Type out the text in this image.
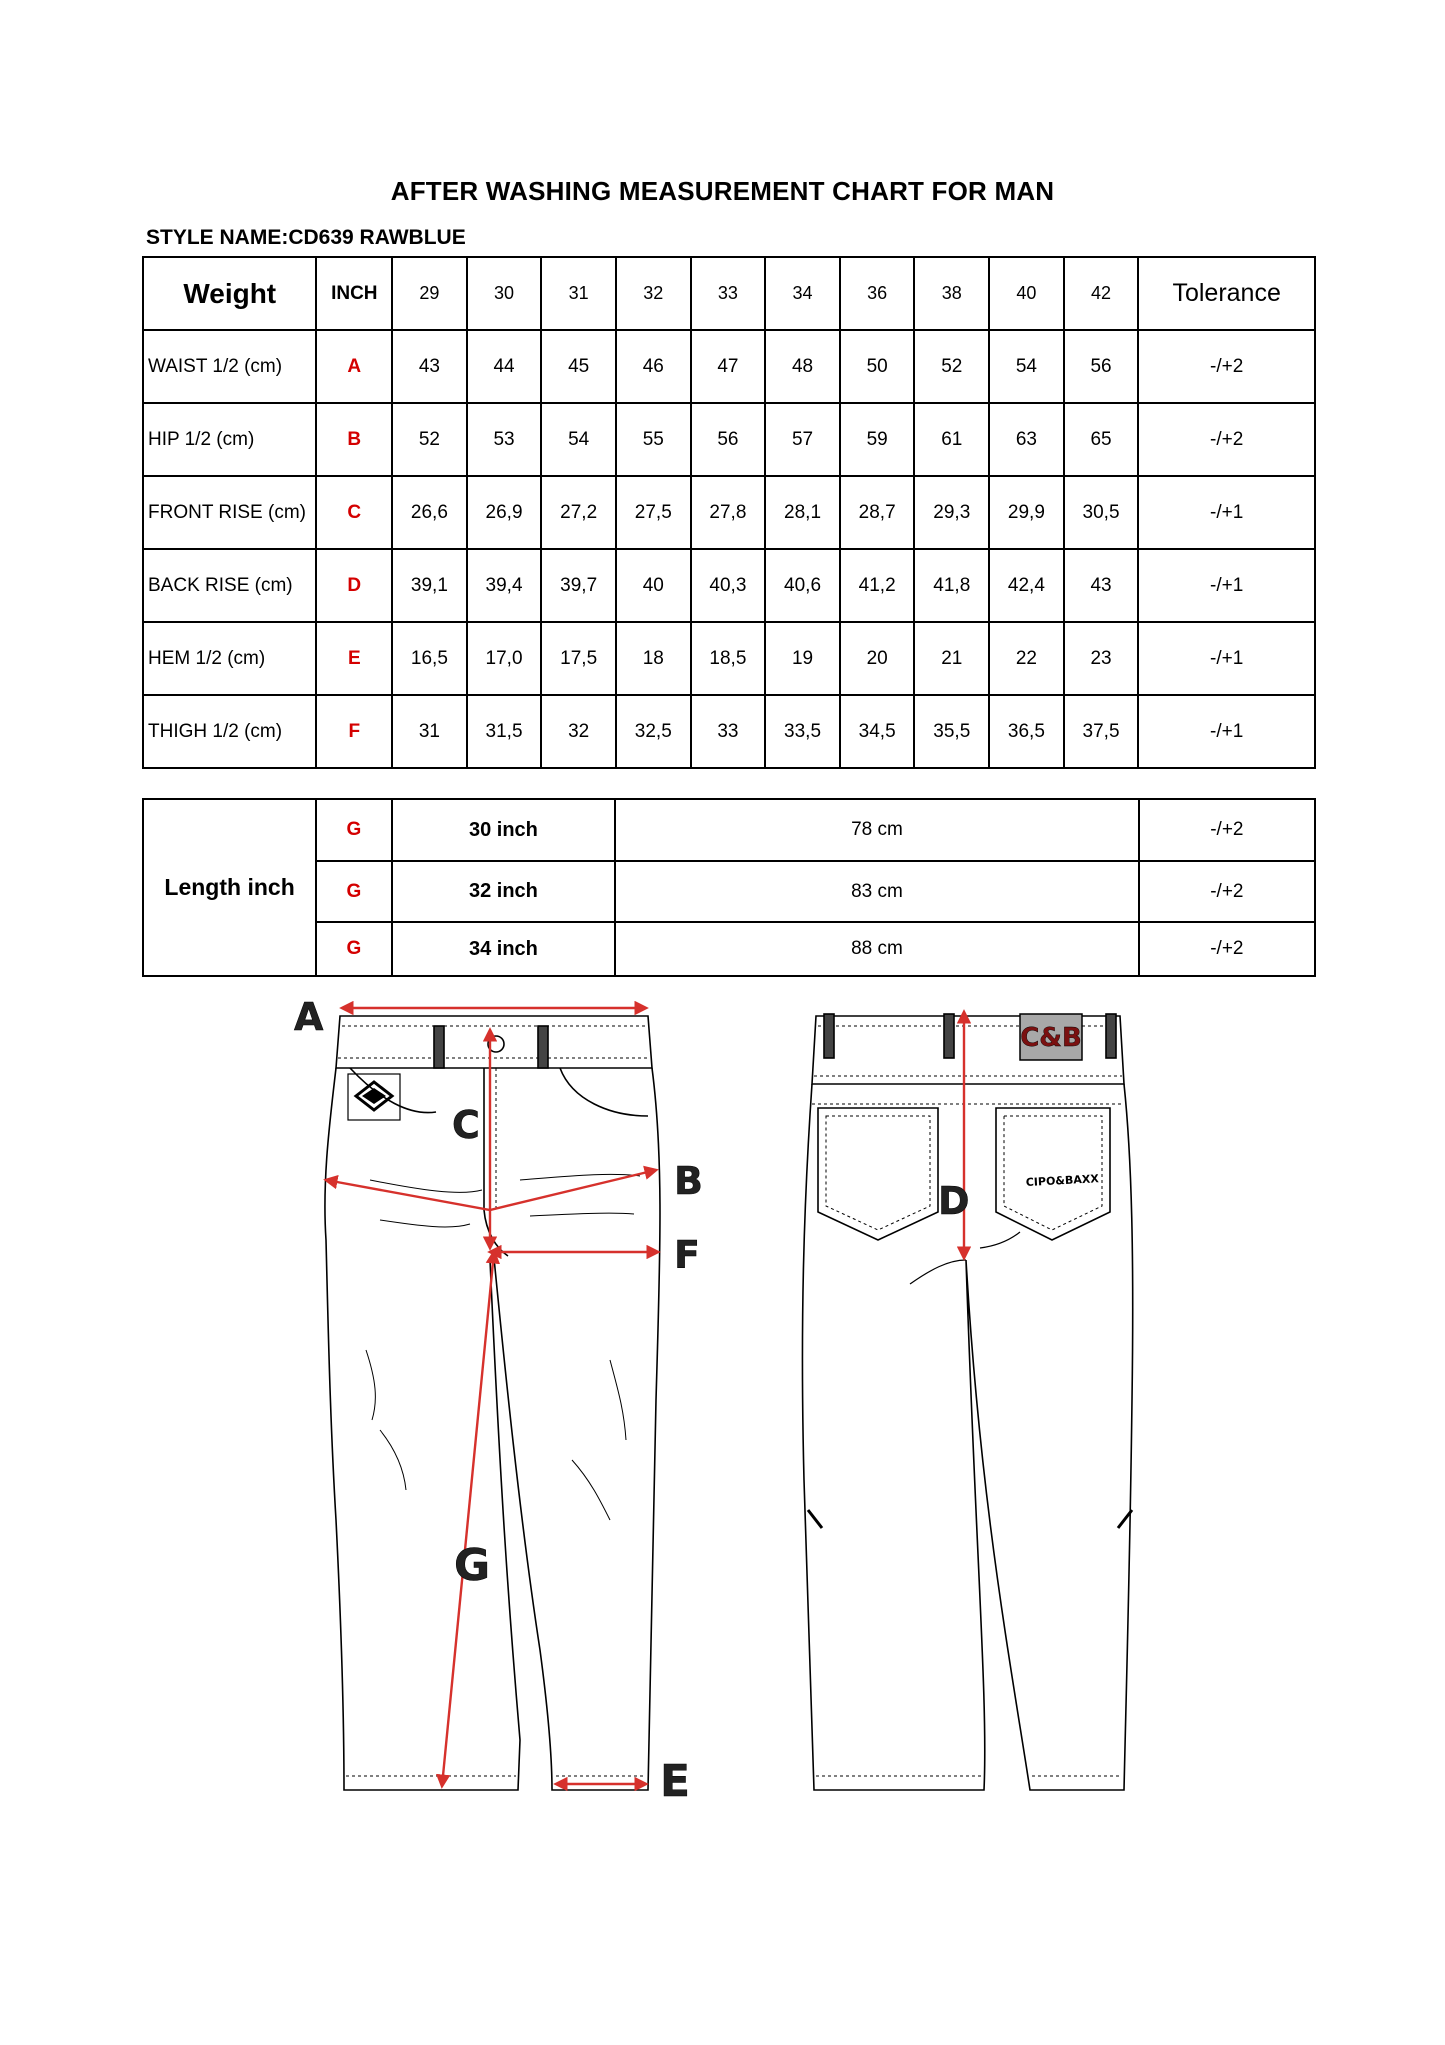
AFTER WASHING MEASUREMENT CHART FOR MAN
STYLE NAME:CD639 RAWBLUE
Weight	INCH	29	30	31	32	33	34	36	38	40	42	Tolerance
WAIST 1/2 (cm)	A	43	44	45	46	47	48	50	52	54	56	-/+2
HIP 1/2 (cm)	B	52	53	54	55	56	57	59	61	63	65	-/+2
FRONT RISE (cm)	C	26,6	26,9	27,2	27,5	27,8	28,1	28,7	29,3	29,9	30,5	-/+1
BACK RISE (cm)	D	39,1	39,4	39,7	40	40,3	40,6	41,2	41,8	42,4	43	-/+1
HEM 1/2 (cm)	E	16,5	17,0	17,5	18	18,5	19	20	21	22	23	-/+1
THIGH 1/2 (cm)	F	31	31,5	32	32,5	33	33,5	34,5	35,5	36,5	37,5	-/+1
Length inch	G	30 inch	78 cm	-/+2
	G	32 inch	83 cm	-/+2
	G	34 inch	88 cm	-/+2
A
C
B
F
G
E
C&B
CIPO&BAXX
D
